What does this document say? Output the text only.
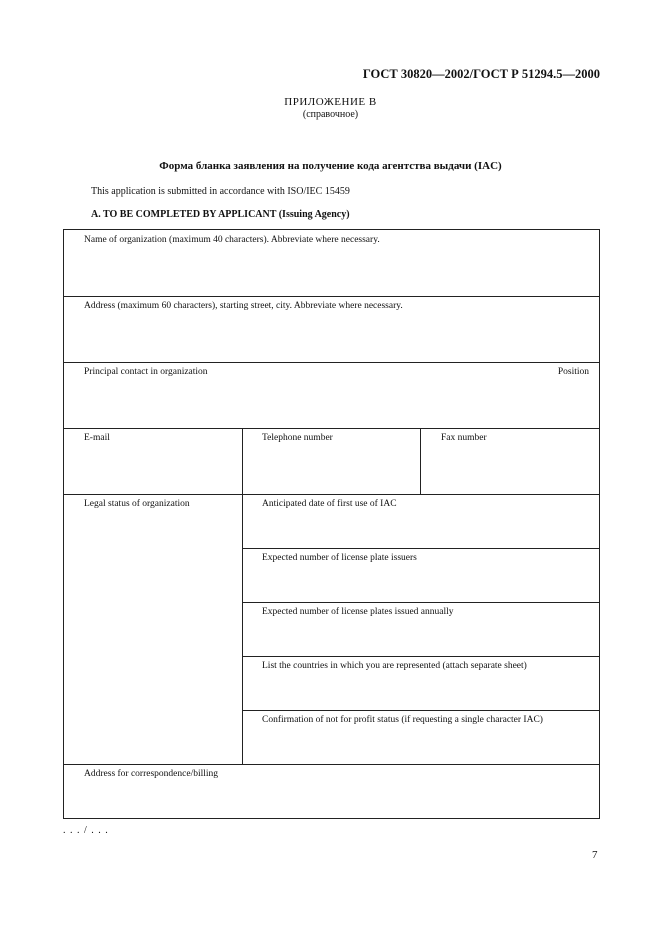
ГОСТ 30820—2002/ГОСТ Р 51294.5—2000
ПРИЛОЖЕНИЕ В
(справочное)
Форма бланка заявления на получение кода агентства выдачи (IAC)
This application is submitted in accordance with ISO/IEC 15459
A. TO BE COMPLETED BY APPLICANT (Issuing Agency)
Name of organization (maximum 40 characters). Abbreviate where necessary.
Address (maximum 60 characters), starting street, city. Abbreviate where necessary.
Principal contact in organization	Position
E-mail	Telephone number	Fax number
Legal status of organization	Anticipated date of first use of IAC
Expected number of license plate issuers
Expected number of license plates issued annually
List the countries in which you are represented (attach separate sheet)
Confirmation of not for profit status (if requesting a single character IAC)
Address for correspondence/billing
. . . / . . .
7
